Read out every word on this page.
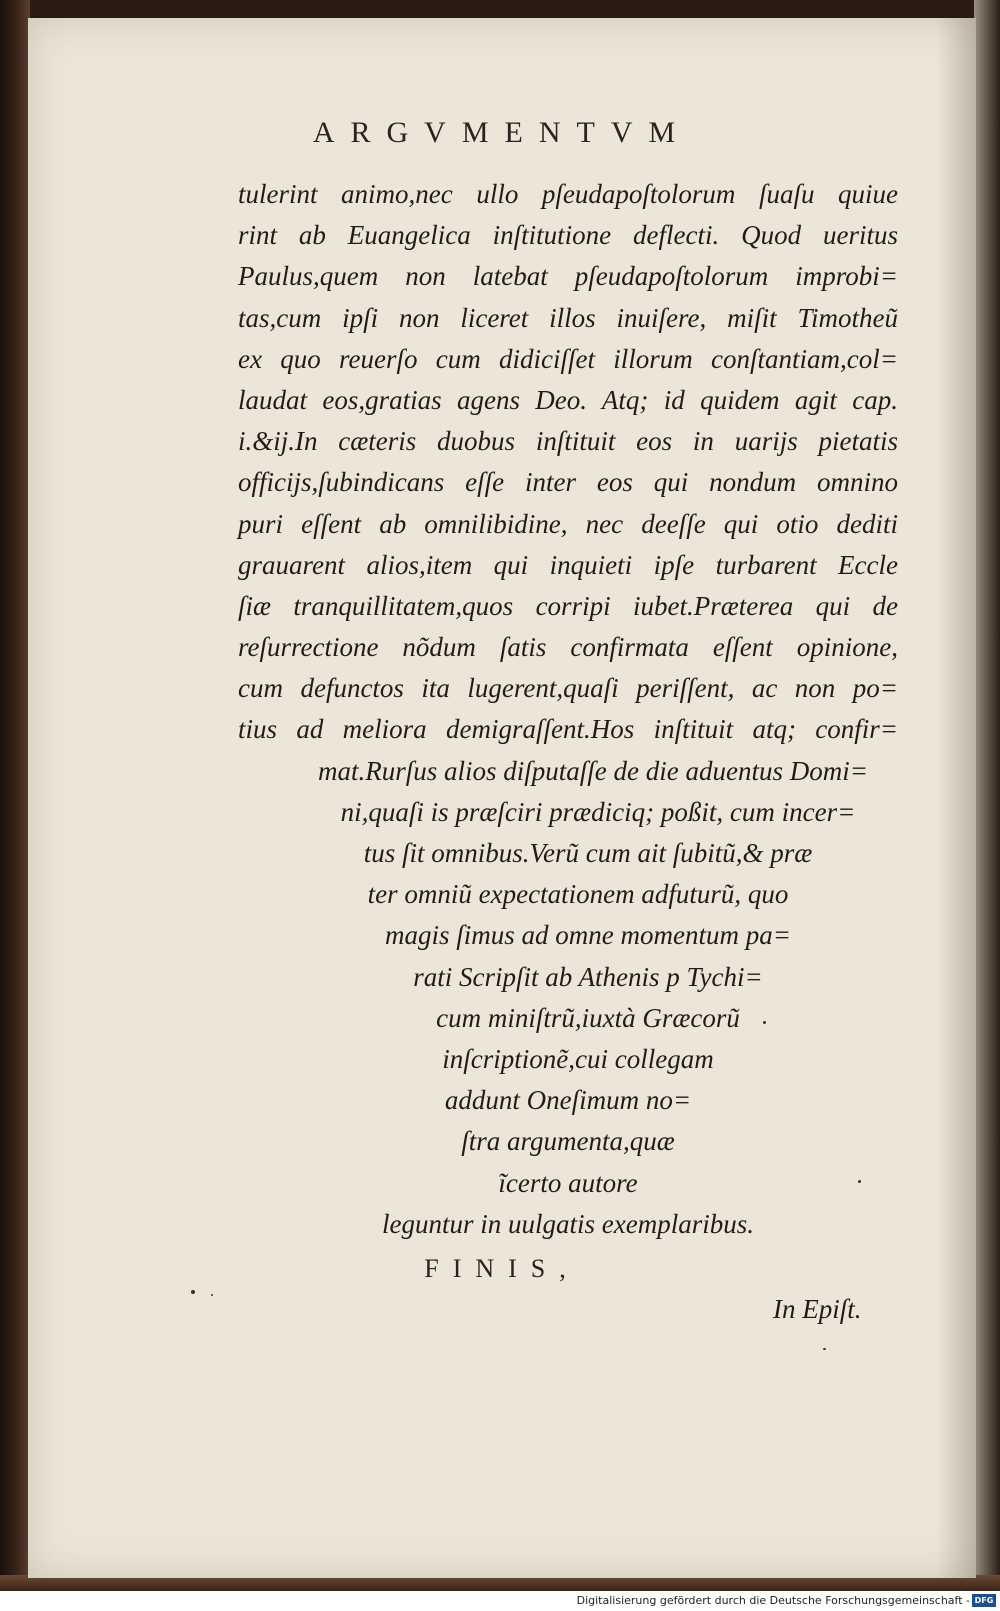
ARGVMENTVM
tulerint animo,nec ullo pſeudapoſtolorum ſuaſu quiue
rint ab Euangelica inſtitutione deflecti. Quod ueritus
Paulus,quem non latebat pſeudapoſtolorum improbi=
tas,cum ipſi non liceret illos inuiſere, miſit Timotheũ
ex quo reuerſo cum didiciſſet illorum conſtantiam,col=
laudat eos,gratias agens Deo. Atq; id quidem agit cap.
i.&ij.In cæteris duobus inſtituit eos in uarijs pietatis
officijs,ſubindicans eſſe inter eos qui nondum omnino
puri eſſent ab omnilibidine, nec deeſſe qui otio dediti
grauarent alios,item qui inquieti ipſe turbarent Eccle
ſiæ tranquillitatem,quos corripi iubet.Præterea qui de
reſurrectione nõdum ſatis confirmata eſſent opinione,
cum defunctos ita lugerent,quaſi periſſent, ac non po=
tius ad meliora demigraſſent.Hos inſtituit atq; confir=
mat.Rurſus alios diſputaſſe de die aduentus Domi=
ni,quaſi is præſciri prædiciq; poßit, cum incer=
tus ſit omnibus.Verũ cum ait ſubitũ,& præ
ter omniũ expectationem adfuturũ, quo
magis ſimus ad omne momentum pa=
rati Scripſit ab Athenis p Tychi=
cum miniſtrũ,iuxtà Græcorũ
inſcriptionẽ,cui collegam
addunt Oneſimum no=
ſtra argumenta,quæ
ĩcerto autore
leguntur in uulgatis exemplaribus.
FINIS,
In Epiſt.
Digitalisierung gefördert durch die Deutsche Forschungsgemeinschaft - DFG
